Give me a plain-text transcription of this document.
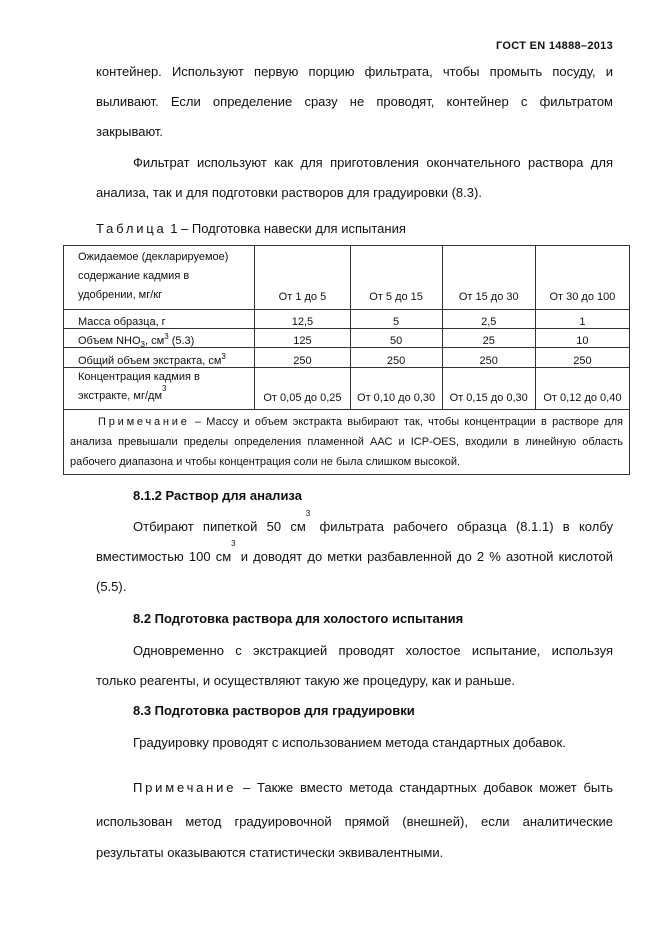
ГОСТ EN 14888–2013
контейнер. Используют первую порцию фильтрата, чтобы промыть посуду, и
выливают. Если определение сразу не проводят, контейнер с фильтратом
закрывают.
Фильтрат используют как для приготовления окончательного раствора для
анализа, так и для подготовки растворов для градуировки (8.3).
Таблица 1 – Подготовка навески для испытания
Ожидаемое (декларируемое)
содержание кадмия в
удобрении, мг/кг	От 1 до 5	От 5 до 15	От 15 до 30	От 30 до 100
Масса образца, г	12,5	5	2,5	1
Объем $NHO_3$, $см^3$ (5.3)	125	50	25	10
Общий объем экстракта, $см^3$	250	250	250	250

Концентрация кадмия в
экстракте, $мг/дм^3$	От 0,05 до 0,25	От 0,10 до 0,30	От 0,15 до 0,30	От 0,12 до 0,40
Примечание – Массу и объем экстракта выбирают так, чтобы концентрации в растворе для анализа превышали пределы определения пламенной ААС и ICP-OES, входили в линейную область рабочего диапазона и чтобы концентрация соли не была слишком высокой.				
8.1.2 Раствор для анализа
Отбирают пипеткой 50 $см^3$ фильтрата рабочего образца (8.1.1) в колбу
вместимостью 100 $см^3$ и доводят до метки разбавленной до 2 % азотной кислотой
(5.5).
8.2 Подготовка раствора для холостого испытания
Одновременно с экстракцией проводят холостое испытание, используя
только реагенты, и осуществляют такую же процедуру, как и раньше.
8.3 Подготовка растворов для градуировки
Градуировку проводят с использованием метода стандартных добавок.
Примечание – Также вместо метода стандартных добавок может быть
использован метод градуировочной прямой (внешней), если аналитические
результаты оказываются статистически эквивалентными.
